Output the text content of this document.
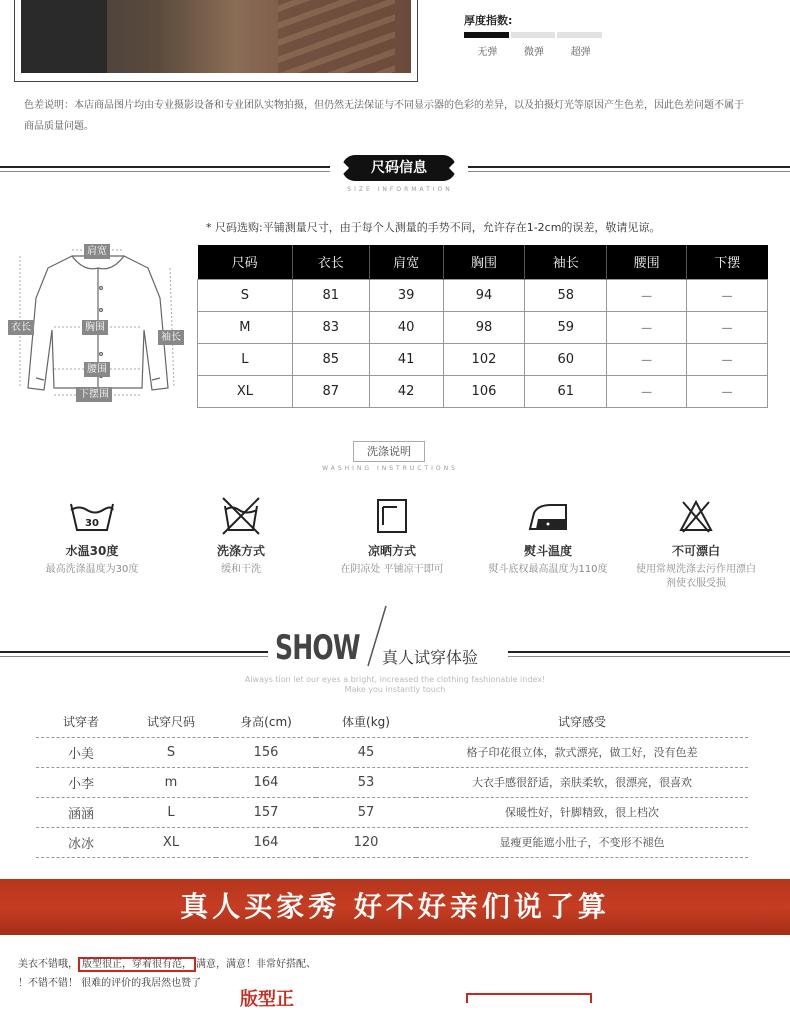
厚度指数:
无弹	微弹	超弹
色差说明：本店商品图片均由专业摄影设备和专业团队实物拍摄，但仍然无法保证与不同显示器的色彩的差异，以及拍摄灯光等原因产生色差，因此色差问题不属于商品质量问题。
尺码信息
SIZE INFORMATION
* 尺码选购:平铺测量尺寸，由于每个人测量的手势不同，允许存在1-2cm的误差，敬请见谅。
肩宽
衣长	胸围
袖长
腰围
下摆围
尺码	衣长	肩宽	胸围	袖长	腰围	下摆
S	81	39	94	58	－	－
M	83	40	98	59	－	－
L	85	41	102	60	－	－
XL	87	42	106	61	－	－
洗涤说明
WASHING INSTRUCTIONS
30
水温30度
最高洗涤温度为30度
洗涤方式
缓和干洗
凉晒方式
在阴凉处 平铺凉干即可
熨斗温度
熨斗底权最高温度为110度
不可漂白
使用常规洗涤去污作用漂白剂使衣服受损
SHOW 真人试穿体验
Always tion let our eyes a bright, increased the clothing fashionable index!
Make you instantly touch
试穿者	试穿尺码	身高(cm)	体重(kg)	试穿感受
小美	S	156	45	格子印花很立体，款式漂亮，做工好，没有色差
小李	m	164	53	大衣手感很舒适，亲肤柔软，很漂亮，很喜欢
涵涵	L	157	57	保暖性好，针脚精致，很上档次
冰冰	XL	164	120	显瘦更能遮小肚子，不变形不褪色
真人买家秀 好不好亲们说了算
美衣不错哦， 版型很正，穿着很有范， 满意，满意！非常好搭配、
！不错不错！ 很难的评价的我居然也赞了
版型正
